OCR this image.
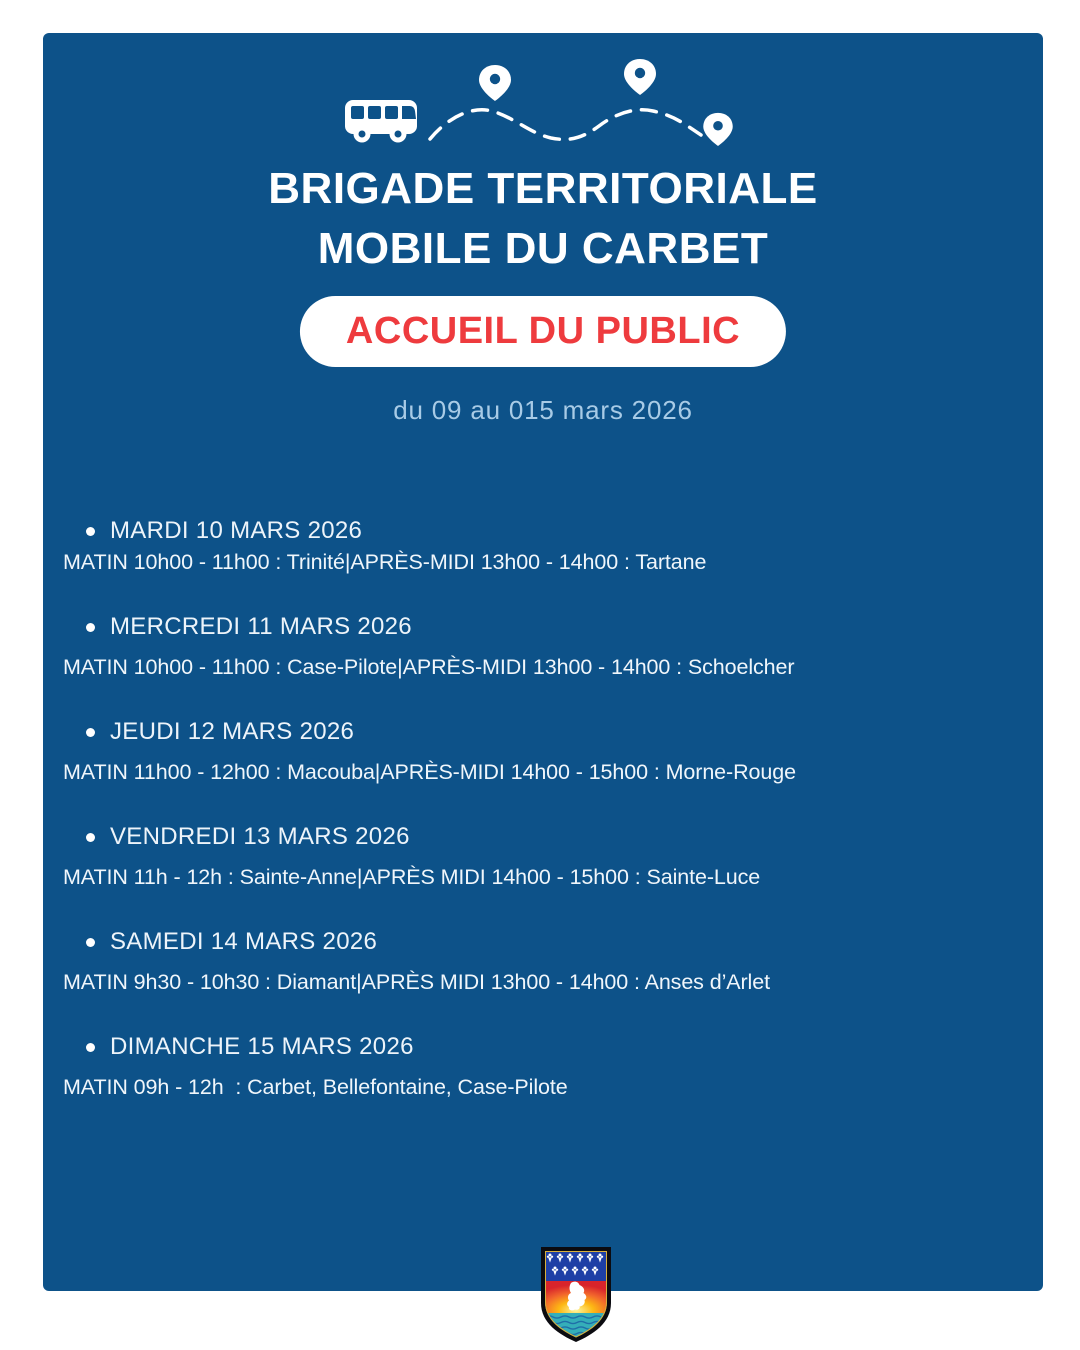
BRIGADE TERRITORIALE
MOBILE DU CARBET
ACCUEIL DU PUBLIC
du 09 au 015 mars 2026
MARDI 10 MARS 2026
MATIN 10h00 - 11h00 : Trinité|APRÈS-MIDI 13h00 - 14h00 : Tartane
MERCREDI 11 MARS 2026
MATIN 10h00 - 11h00 : Case-Pilote|APRÈS-MIDI 13h00 - 14h00 : Schoelcher
JEUDI 12 MARS 2026
MATIN 11h00 - 12h00 : Macouba|APRÈS-MIDI 14h00 - 15h00 : Morne-Rouge
VENDREDI 13 MARS 2026
MATIN 11h - 12h : Sainte-Anne|APRÈS MIDI 14h00 - 15h00 : Sainte-Luce
SAMEDI 14 MARS 2026
MATIN 9h30 - 10h30 : Diamant|APRÈS MIDI 13h00 - 14h00 : Anses d’Arlet
DIMANCHE 15 MARS 2026
MATIN 09h - 12h  : Carbet, Bellefontaine, Case-Pilote
